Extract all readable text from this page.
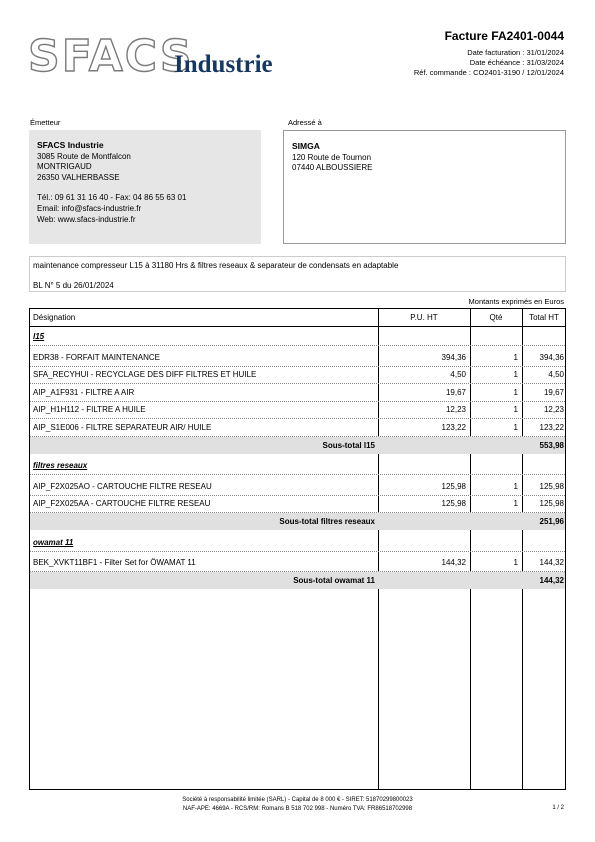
SFACS
Industrie
Facture FA2401-0044
Date facturation : 31/01/2024
Date échéance : 31/03/2024
Réf. commande : CO2401-3190 / 12/01/2024
Émetteur	Adressé à
SFACS Industrie
3085 Route de Montfalcon
MONTRIGAUD
26350 VALHERBASSE
Tél.: 09 61 31 16 40 - Fax: 04 86 55 63 01
Email: info@sfacs-industrie.fr
Web: www.sfacs-industrie.fr
SIMGA
120 Route de Tournon
07440 ALBOUSSIERE
maintenance compresseur L15 à 31180 Hrs & filtres reseaux & separateur de condensats en adaptable
BL N° 5 du 26/01/2024
Montants exprimés en Euros
Désignation	P.U. HT	Qté	Total HT
l15
EDR38 - FORFAIT MAINTENANCE	394,36	1	394,36
SFA_RECYHUI - RECYCLAGE DES DIFF FILTRES ET HUILE	4,50	1	4,50
AIP_A1F931 - FILTRE A AIR	19,67	1	19,67
AIP_H1H112 - FILTRE A HUILE	12,23	1	12,23
AIP_S1E006 - FILTRE SEPARATEUR AIR/ HUILE	123,22	1	123,22
Sous-total l15	553,98
filtres reseaux
AIP_F2X025AO - CARTOUCHE FILTRE RESEAU	125,98	1	125,98
AIP_F2X025AA - CARTOUCHE FILTRE RESEAU	125,98	1	125,98
Sous-total filtres reseaux	251,96
owamat 11
BEK_XVKT11BF1 - Filter Set for ÖWAMAT 11	144,32	1	144,32
Sous-total owamat 11	144,32
Société à responsabilité limitée (SARL) - Capital de 8 000 € - SIRET: 51870299800023
NAF-APE: 4669A - RCS/RM: Romans B 518 702 998 - Numéro TVA: FR86518702998	1 / 2
